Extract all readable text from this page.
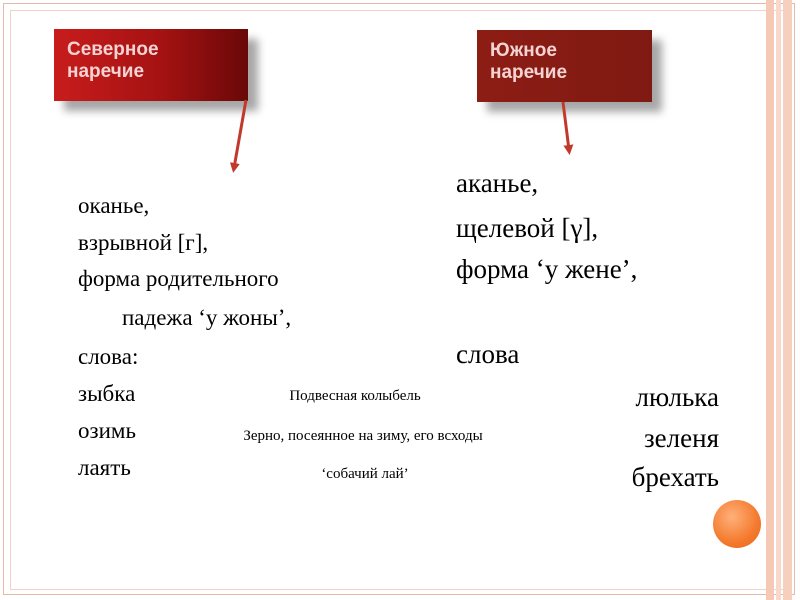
Северное
наречие
Южное
наречие
оканье,
взрывной [г],
форма родительного
падежа ‘у жоны’,
слова:
зыбка
озимь
лаять
аканье,
щелевой [γ],
форма ‘у жене’,
слова
люлька
зеленя
брехать
Подвесная колыбель
Зерно, посеянное на зиму, его всходы
‘собачий лай’
